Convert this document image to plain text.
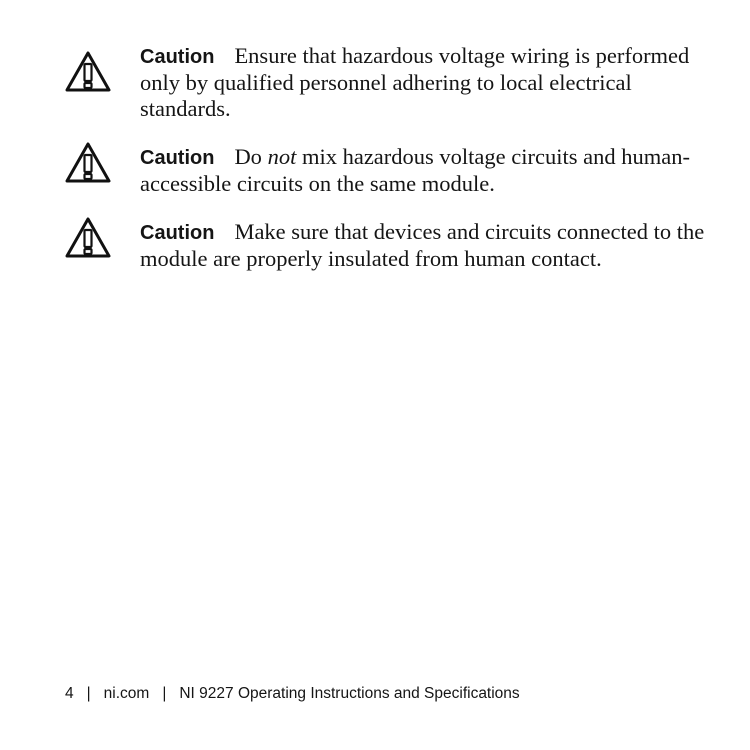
Caution Ensure that hazardous voltage wiring is performed only by qualified personnel adhering to local electrical standards.

Caution Do not mix hazardous voltage circuits and human-accessible circuits on the same module.

Caution Make sure that devices and circuits connected to the module are properly insulated from human contact.

4 | ni.com | NI 9227 Operating Instructions and Specifications
